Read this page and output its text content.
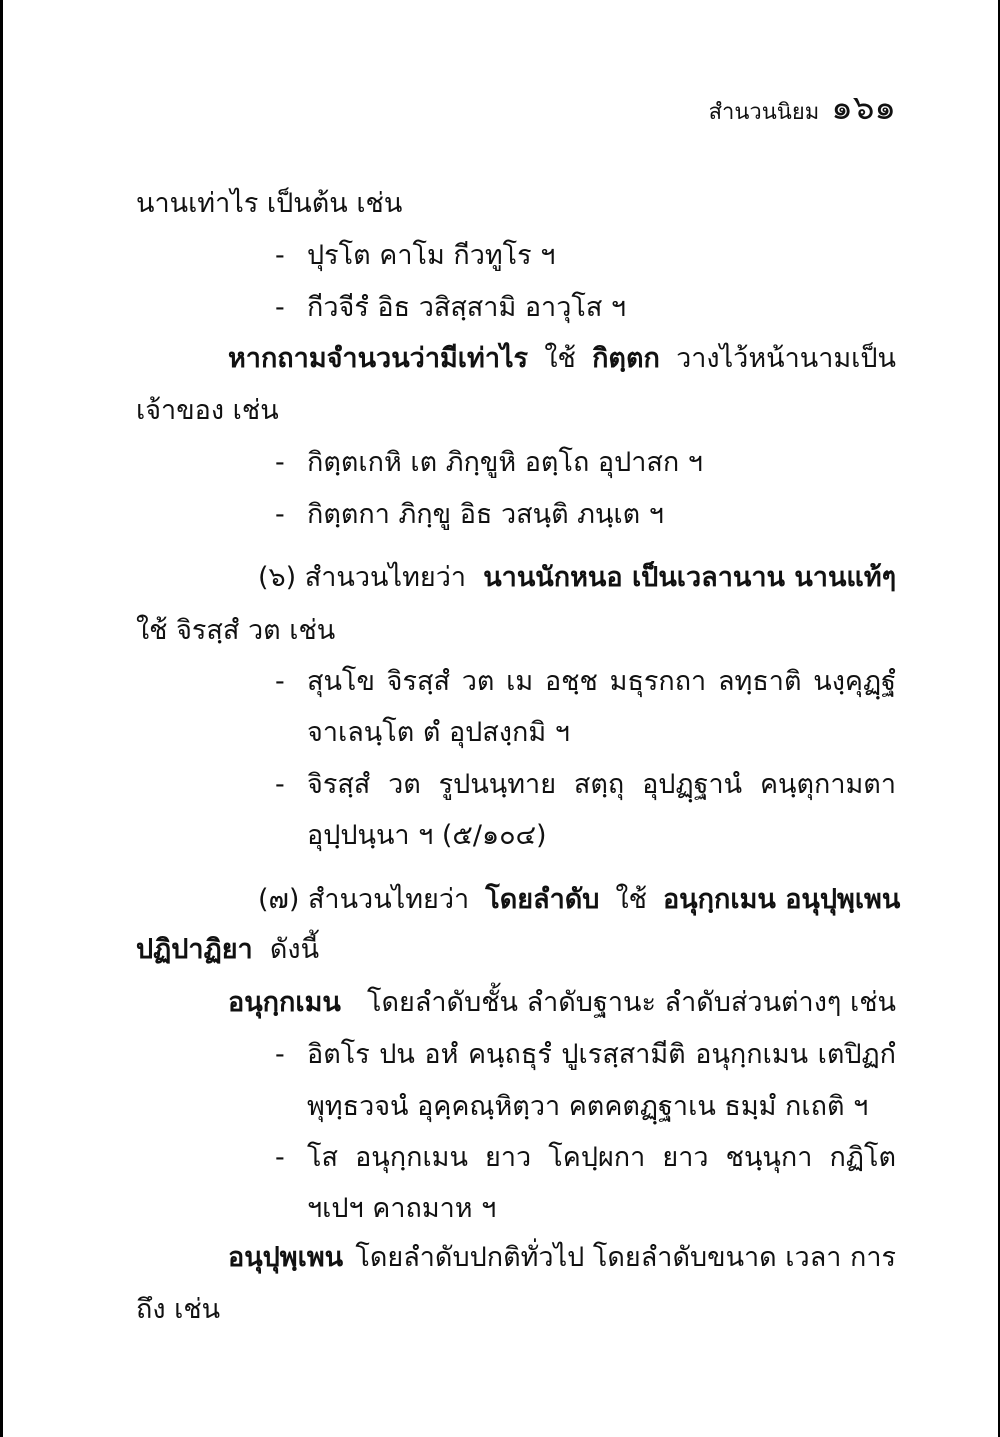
สำนวนนิยม ๑๖๑
นานเท่าไร เป็นต้น เช่น
- ปุรโต คาโม กีวทูโร ฯ
- กีวจีรํ อิธ วสิสฺสามิ อาวุโส ฯ
หากถามจำนวนว่ามีเท่าไร ใช้ กิตฺตก วางไว้หน้านามเป็น
เจ้าของ เช่น
- กิตฺตเกหิ เต ภิกฺขูหิ อตฺโถ อุปาสก ฯ
- กิตฺตกา ภิกฺขู อิธ วสนฺติ ภนฺเต ฯ
(๖) สำนวนไทยว่า นานนักหนอ เป็นเวลานาน นานแท้ๆ
ใช้ จิรสฺสํ วต เช่น
- สุนโข จิรสฺสํ วต เม อชฺช มธุรกถา ลทฺธาติ นงฺคุฏฺฐํ
จาเลนฺโต ตํ อุปสงฺกมิ ฯ
- จิรสฺสํ วต รูปนนฺทาย สตฺถุ อุปฏฺฐานํ คนฺตุกามตา
อุปฺปนฺนา ฯ (๕/๑๐๔)
(๗) สำนวนไทยว่า โดยลำดับ ใช้ อนุกฺกเมน อนุปุพฺเพน
ปฏิปาฏิยา ดังนี้
อนุกฺกเมน โดยลำดับชั้น ลำดับฐานะ ลำดับส่วนต่างๆ เช่น
- อิตโร ปน อหํ คนฺถธุรํ ปูเรสฺสามีติ อนุกฺกเมน เตปิฏกํ
พุทฺธวจนํ อุคฺคณฺหิตฺวา คตคตฏฺฐาเน ธมฺมํ กเถติ ฯ
- โส อนุกฺกเมน ยาว โคปฺผกา ยาว ชนฺนุกา กฏิโต
ฯเปฯ คาถมาห ฯ
อนุปุพฺเพน โดยลำดับปกติทั่วไป โดยลำดับขนาด เวลา การ
ถึง เช่น
